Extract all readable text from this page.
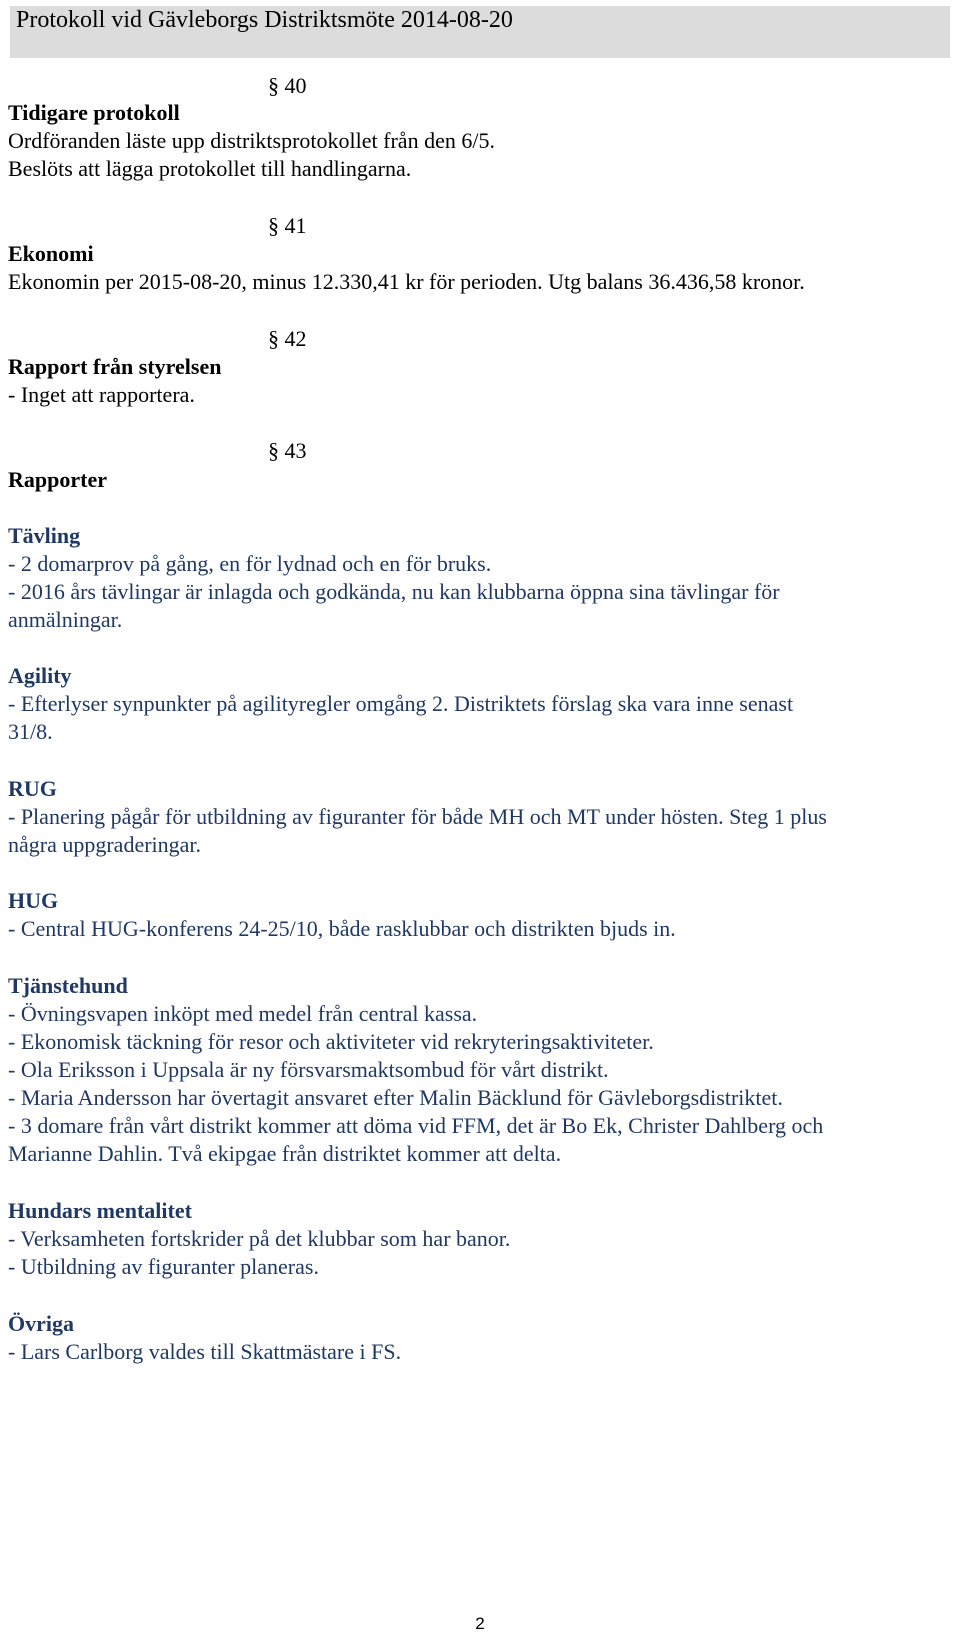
Protokoll vid Gävleborgs Distriktsmöte 2014-08-20
§ 40
Tidigare protokoll
Ordföranden läste upp distriktsprotokollet från den 6/5.
Beslöts att lägga protokollet till handlingarna.
§ 41
Ekonomi
Ekonomin per 2015-08-20, minus 12.330,41 kr för perioden. Utg balans 36.436,58 kronor.
§ 42
Rapport från styrelsen
- Inget att rapportera.
§ 43
Rapporter
Tävling
- 2 domarprov på gång, en för lydnad och en för bruks.
- 2016 års tävlingar är inlagda och godkända, nu kan klubbarna öppna sina tävlingar för
anmälningar.
Agility
- Efterlyser synpunkter på agilityregler omgång 2. Distriktets förslag ska vara inne senast
31/8.
RUG
- Planering pågår för utbildning av figuranter för både MH och MT under hösten. Steg 1 plus
några uppgraderingar.
HUG
- Central HUG-konferens 24-25/10, både rasklubbar och distrikten bjuds in.
Tjänstehund
- Övningsvapen inköpt med medel från central kassa.
- Ekonomisk täckning för resor och aktiviteter vid rekryteringsaktiviteter.
- Ola Eriksson i Uppsala är ny försvarsmaktsombud för vårt distrikt.
- Maria Andersson har övertagit ansvaret efter Malin Bäcklund för Gävleborgsdistriktet.
- 3 domare från vårt distrikt kommer att döma vid FFM, det är Bo Ek, Christer Dahlberg och
Marianne Dahlin. Två ekipgae från distriktet kommer att delta.
Hundars mentalitet
- Verksamheten fortskrider på det klubbar som har banor.
- Utbildning av figuranter planeras.
Övriga
- Lars Carlborg valdes till Skattmästare i FS.
2
